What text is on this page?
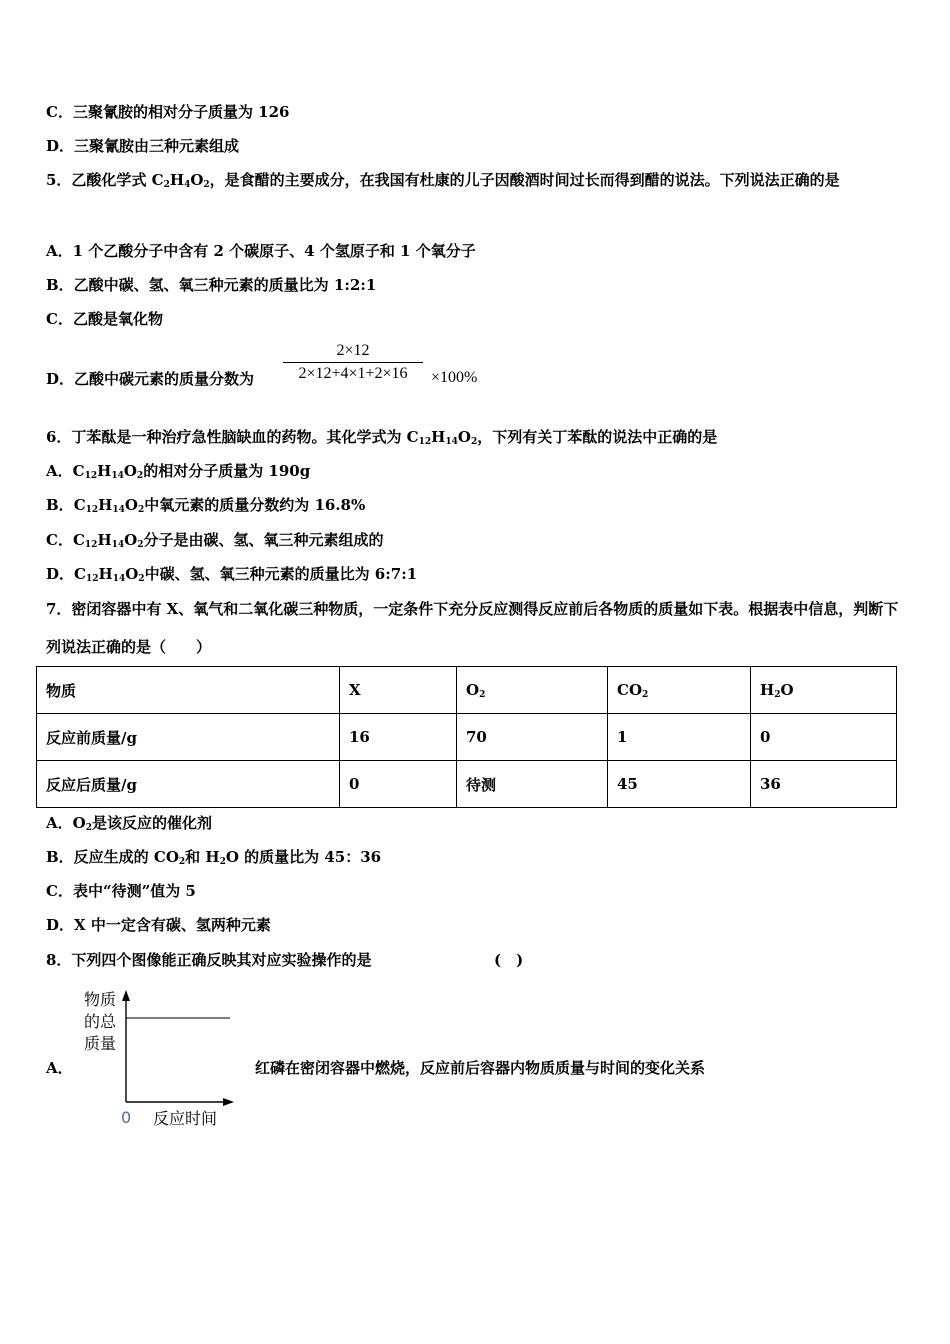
C．三聚氰胺的相对分子质量为 126
D．三聚氰胺由三种元素组成
5．乙酸化学式 $C_2H_4O_2$，是食醋的主要成分，在我国有杜康的儿子因酸酒时间过长而得到醋的说法。下列说法正确的是
A．1 个乙酸分子中含有 2 个碳原子、4 个氢原子和 1 个氧分子
B．乙酸中碳、氢、氧三种元素的质量比为 1:2:1
C．乙酸是氧化物
D．乙酸中碳元素的质量分数为 $\frac{2\times 12}{2\times 12+4\times 1+2\times 16} \times 100\%$
6．丁苯酞是一种治疗急性脑缺血的药物。其化学式为 $C_{12}H_{14}O_2$，下列有关丁苯酞的说法中正确的是
A．$C_{12}H_{14}O_2$的相对分子质量为 190g
B．$C_{12}H_{14}O_2$中氧元素的质量分数约为 16.8%
C．$C_{12}H_{14}O_2$分子是由碳、氢、氧三种元素组成的
D．$C_{12}H_{14}O_2$中碳、氢、氧三种元素的质量比为 6:7:1
7．密闭容器中有 X、氧气和二氧化碳三种物质，一定条件下充分反应测得反应前后各物质的质量如下表。根据表中信息，判断下列说法正确的是（　　）
物质	X	$O_2$	$CO_2$	$H_2O$
反应前质量/g	16	70	1	0
反应后质量/g	0	待测	45	36
A．$O_2$是该反应的催化剂
B．反应生成的 $CO_2$和 $H_2O$ 的质量比为 45：36
C．表中“待测”值为 5
D．X 中一定含有碳、氢两种元素
8．下列四个图像能正确反映其对应实验操作的是	(　)
A．
物质
的总
质量
0 反应时间
红磷在密闭容器中燃烧，反应前后容器内物质质量与时间的变化关系
